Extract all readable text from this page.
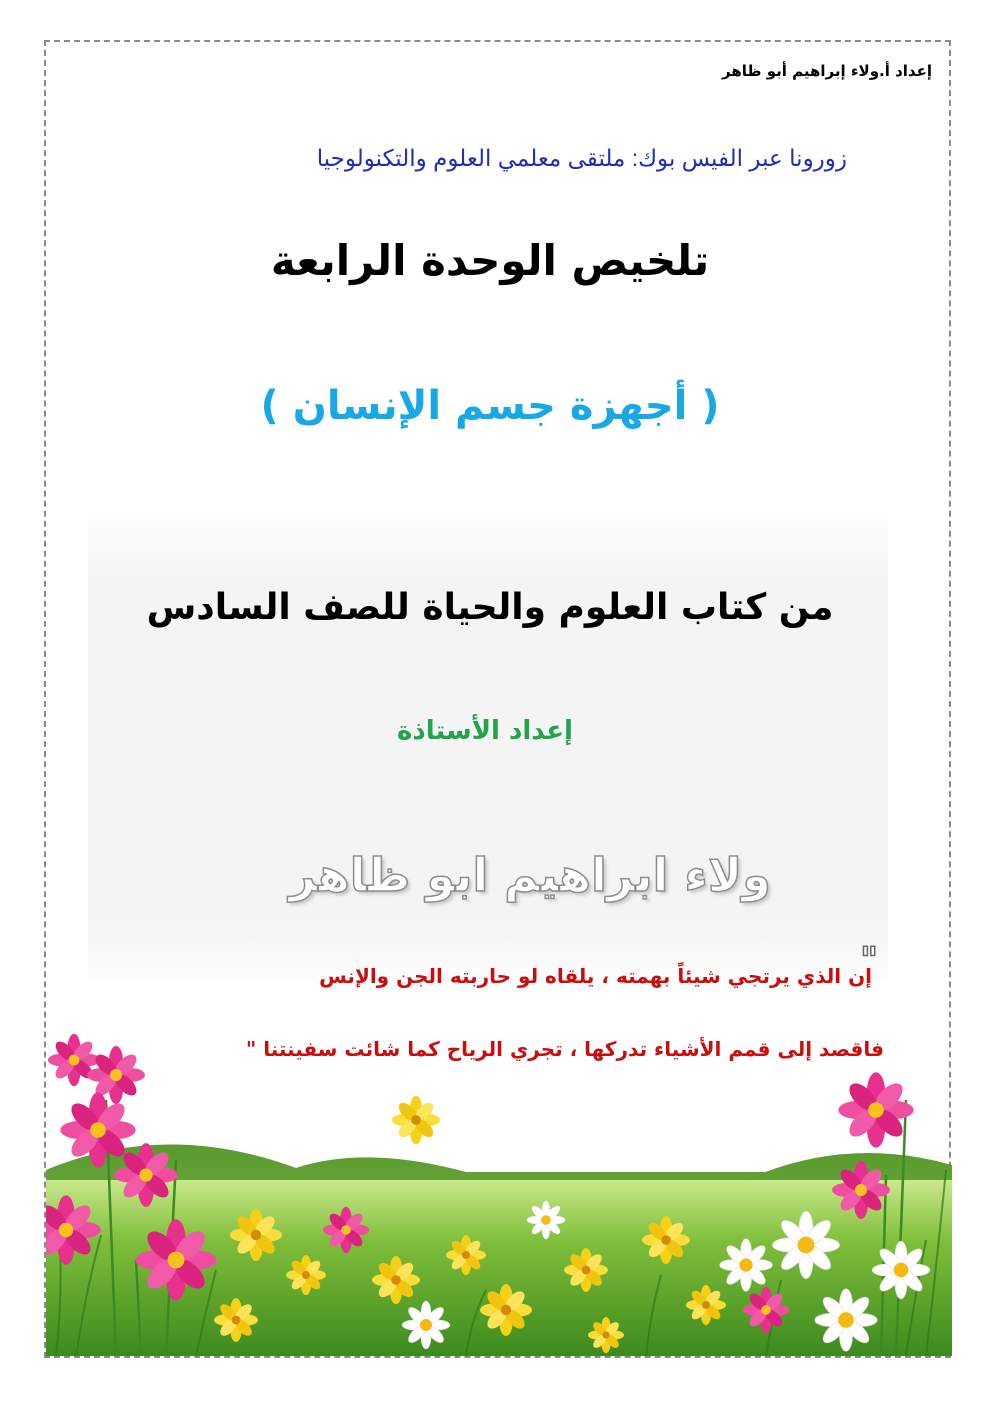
إعداد أ.ولاء إبراهيم أبو ظاهر
زورونا عبر الفيس بوك: ملتقى معلمي العلوم والتكنولوجيا
تلخيص الوحدة الرابعة
( أجهزة جسم الإنسان )
من كتاب العلوم والحياة للصف السادس
إعداد الأستاذة
ولاء ابراهيم ابو ظاهر
"
إن الذي يرتجي شيئاً بهمته ، يلقاه لو حاربته الجن والإنس
فاقصد إلى قمم الأشياء تدركها ، تجري الرياح كما شائت سفينتنا "
